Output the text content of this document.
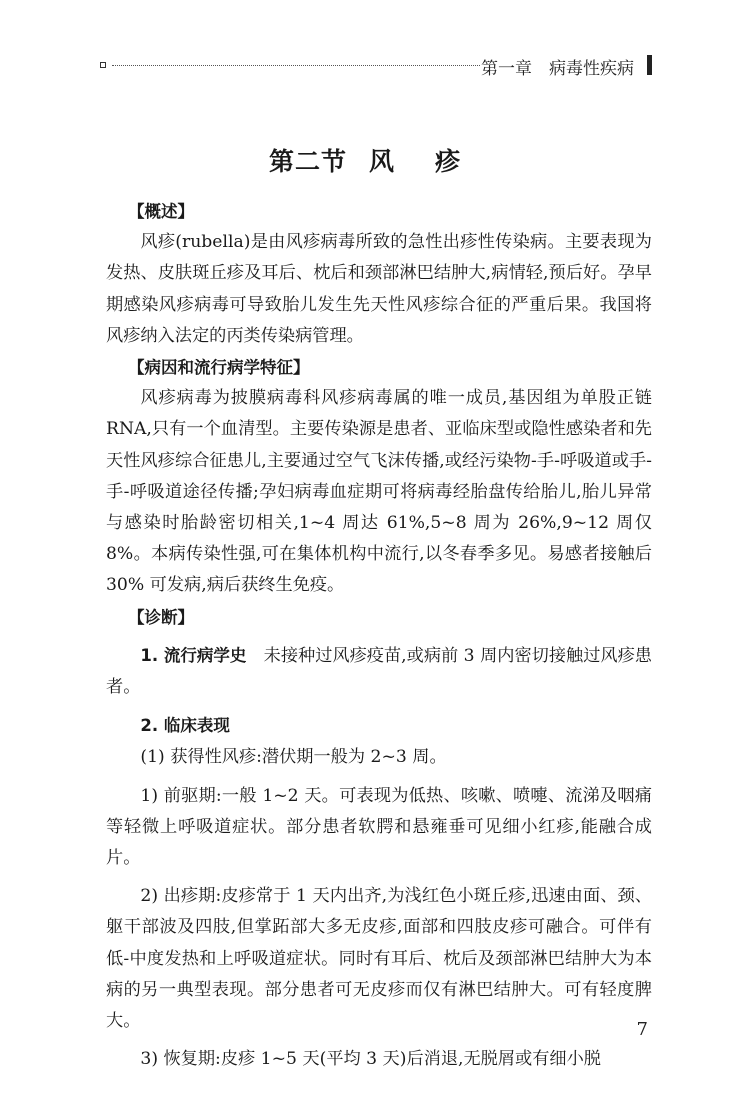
第一章　病毒性疾病
第二节 风 疹

【概述】

风疹(rubella)是由风疹病毒所致的急性出疹性传染病。主要表现为发热、皮肤斑丘疹及耳后、枕后和颈部淋巴结肿大,病情轻,预后好。孕早期感染风疹病毒可导致胎儿发生先天性风疹综合征的严重后果。我国将风疹纳入法定的丙类传染病管理。

【病因和流行病学特征】

风疹病毒为披膜病毒科风疹病毒属的唯一成员,基因组为单股正链 RNA,只有一个血清型。主要传染源是患者、亚临床型或隐性感染者和先天性风疹综合征患儿,主要通过空气飞沫传播,或经污染物-手-呼吸道或手-手-呼吸道途径传播;孕妇病毒血症期可将病毒经胎盘传给胎儿,胎儿异常与感染时胎龄密切相关,1~4 周达 61%,5~8 周为 26%,9~12 周仅 8%。本病传染性强,可在集体机构中流行,以冬春季多见。易感者接触后 30% 可发病,病后获终生免疫。

【诊断】

1. 流行病学史　 未接种过风疹疫苗,或病前 3 周内密切接触过风疹患者。

2. 临床表现

(1) 获得性风疹:潜伏期一般为 2~3 周。

1) 前驱期:一般 1~2 天。可表现为低热、咳嗽、喷嚏、流涕及咽痛等轻微上呼吸道症状。部分患者软腭和悬雍垂可见细小红疹,能融合成片。

2) 出疹期:皮疹常于 1 天内出齐,为浅红色小斑丘疹,迅速由面、颈、躯干部波及四肢,但掌跖部大多无皮疹,面部和四肢皮疹可融合。可伴有低-中度发热和上呼吸道症状。同时有耳后、枕后及颈部淋巴结肿大为本病的另一典型表现。部分患者可无皮疹而仅有淋巴结肿大。可有轻度脾大。

3) 恢复期:皮疹 1~5 天(平均 3 天)后消退,无脱屑或有细小脱

7
